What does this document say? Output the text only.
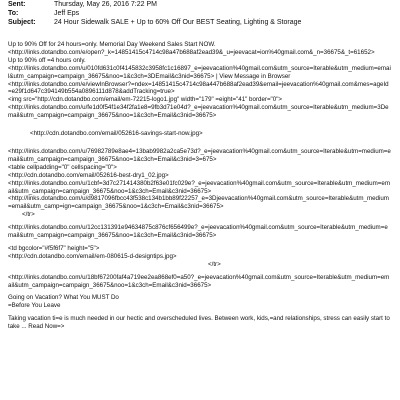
Sent:	Thursday, May 26, 2016 7:22 PM
To:	Jeff Eps
Subject:	24 Hour Sidewalk SALE + Up to 60% Off Our BEST Seating, Lighting & Storage

Up to 90% Off for 24 hours=only. Memorial Day Weekend Sales Start NOW.

<http://links.dotandbo.com/e/open?_k=14851415c4714c98a47b688af2ead39&_u=jeevacat=ion%40gmail.com&_n=36675&_t=61652>

Up to 90% off =4 hours only.

<http://links.dotandbo.com/u/010fd631c0f4145832c3958fc1c16897_e=jeevacation%40gmail.com&utm_source=Iterable&utm_medium=email&utm_campaign=campaign_36675&noo=1&c3ch=3DEmail&c3nid=36675> | View Message in Browser

<http://links.dotandbo.com/e/viewInBrowser?=ndex=14851415c4714c98a447b688af2ead39&email=jeevacation%40gmail.com&mes=ageId=e29f1d647c394149b554a0896111d878&addTracking=true>

<img src="http://cdn.dotandbo.com/email/em-72215-logo1.jpg" width="179" =eight="41" border="0">

<http://links.dotandbo.com/u/fe1d0f54f1e34f2fa1e8=9fb3d71e04d?_e=jeevacation%40gmail.com&utm_source=Iterable&utm_medium=3Demail&utm_campaign=campaign_36675&noo=1&c3ch=Email&c3nid=36675>

<http://cdn.dotandbo.com/email/052616-savings-start-now.jpg>

<http://links.dotandbo.com/u/76982789e8ae4=13bab9982a2ca5e73d?_e=jeevacation%40gmail.com&utm_source=Iterable&utm=medium=email&utm_campaign=campaign_36675&noo=1&c3ch=Email&c3nid=3=675>

<table cellpadding="0" cellspacing="0">

<http://cdn.dotandbo.com/email/052616-best-dry1_02.jpg>

<http://links.dotandbo.com/u/1cbf=3d7c271414380b2f63e01fc029e?_e=jeevacation%40gmail.com&utm_source=Iterable&utm_medium=email&utm_campaign=campaign_36675&noo=1&c3ch=Email&c3nid=36675>

<http://links.dotandbo.com/u/d9817096fbcc43f538c134b1bb89f22257_e=3Djeevacation%40gmail.com&utm_source=Iterable&utm_medium=email&utm_camp=ign=campaign_36675&noo=1&c3ch=Email&c3nid=36675>

</tr>

<http://links.dotandbo.com/u/12cc131391e94634875c876cf656499e?_e=jeevacation%40gmail.com&utm_source=Iterable&utm_medium=email&utm_campaign=campaign_36675&noo=1&c3ch=Email&c3nid=36675>

<td bgcolor="#f5f6f7" height="5">

<http://cdn.dotandbo.com/email/em-080615-d-designtips.jpg>

</tr>

<http://links.dotandbo.com/u/18bf67200faf4a719ee2ea868ef0=a50?_e=jeevacation%40gmail.com&utm_source=Iterable&utm_medium=email&utm_campaign=campaign_36675&noo=1&c3ch=Email&c3nid=36675>

Going on Vacation? What You MUST Do

=Before You Leave

Taking vacation ti=e is much needed in our hectic and overscheduled lives. Between work, kids,=and relationships, stress can easily start to take ... Read Now=>
